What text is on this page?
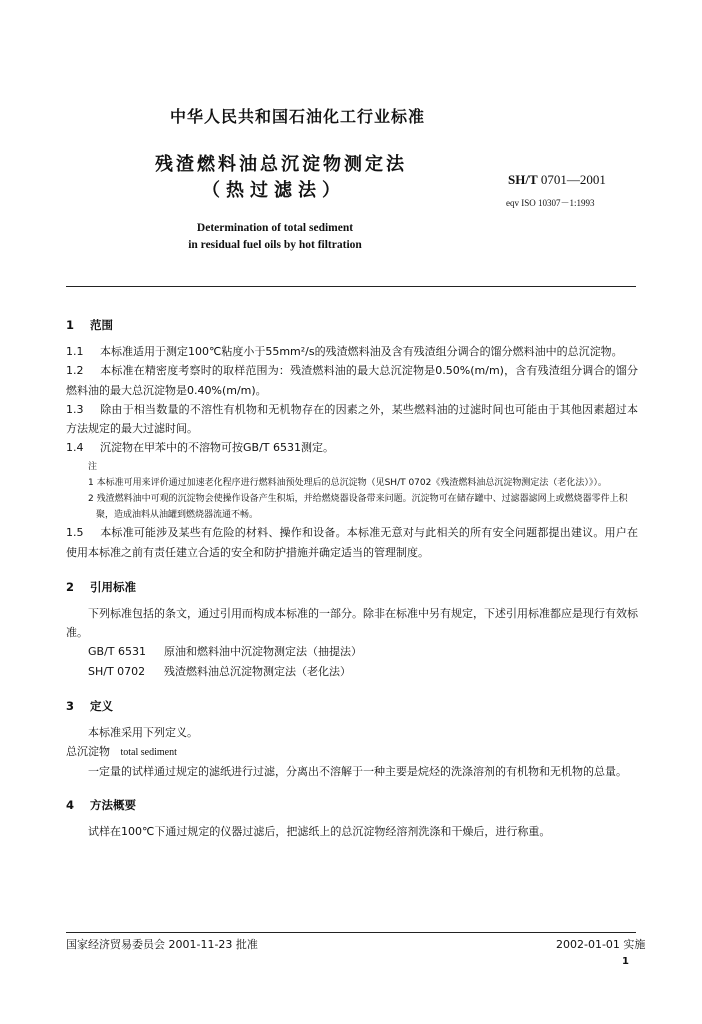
中华人民共和国石油化工行业标准
残渣燃料油总沉淀物测定法
（热过滤法）
SH/T 0701—2001
eqv ISO 10307－1:1993
Determination of total sediment
in residual fuel oils by hot filtration
1 范围

1.1 本标准适用于测定100℃粘度小于55mm²/s的残渣燃料油及含有残渣组分调合的馏分燃料油中的总沉淀物。

1.2 本标准在精密度考察时的取样范围为：残渣燃料油的最大总沉淀物是0.50%(m/m)，含有残渣组分调合的馏分燃料油的最大总沉淀物是0.40%(m/m)。

1.3 除由于相当数量的不溶性有机物和无机物存在的因素之外，某些燃料油的过滤时间也可能由于其他因素超过本方法规定的最大过滤时间。

1.4 沉淀物在甲苯中的不溶物可按GB/T 6531测定。

注
1 本标准可用来评价通过加速老化程序进行燃料油预处理后的总沉淀物（见SH/T 0702《残渣燃料油总沉淀物测定法（老化法）》）。
2 残渣燃料油中可观的沉淀物会使操作设备产生积垢，并给燃烧器设备带来问题。沉淀物可在储存罐中、过滤器滤网上或燃烧器零件上积聚，造成油料从油罐到燃烧器流通不畅。

1.5 本标准可能涉及某些有危险的材料、操作和设备。本标准无意对与此相关的所有安全问题都提出建议。用户在使用本标准之前有责任建立合适的安全和防护措施并确定适当的管理制度。

2 引用标准

下列标准包括的条文，通过引用而构成本标准的一部分。除非在标准中另有规定，下述引用标准都应是现行有效标准。

GB/T 6531 原油和燃料油中沉淀物测定法（抽提法）
SH/T 0702 残渣燃料油总沉淀物测定法（老化法）
3 定义

本标准采用下列定义。

总沉淀物 total sediment

一定量的试样通过规定的滤纸进行过滤，分离出不溶解于一种主要是烷烃的洗涤溶剂的有机物和无机物的总量。

4 方法概要

试样在100℃下通过规定的仪器过滤后，把滤纸上的总沉淀物经溶剂洗涤和干燥后，进行称重。

国家经济贸易委员会 2001-11-23 批准	2002-01-01 实施
1
